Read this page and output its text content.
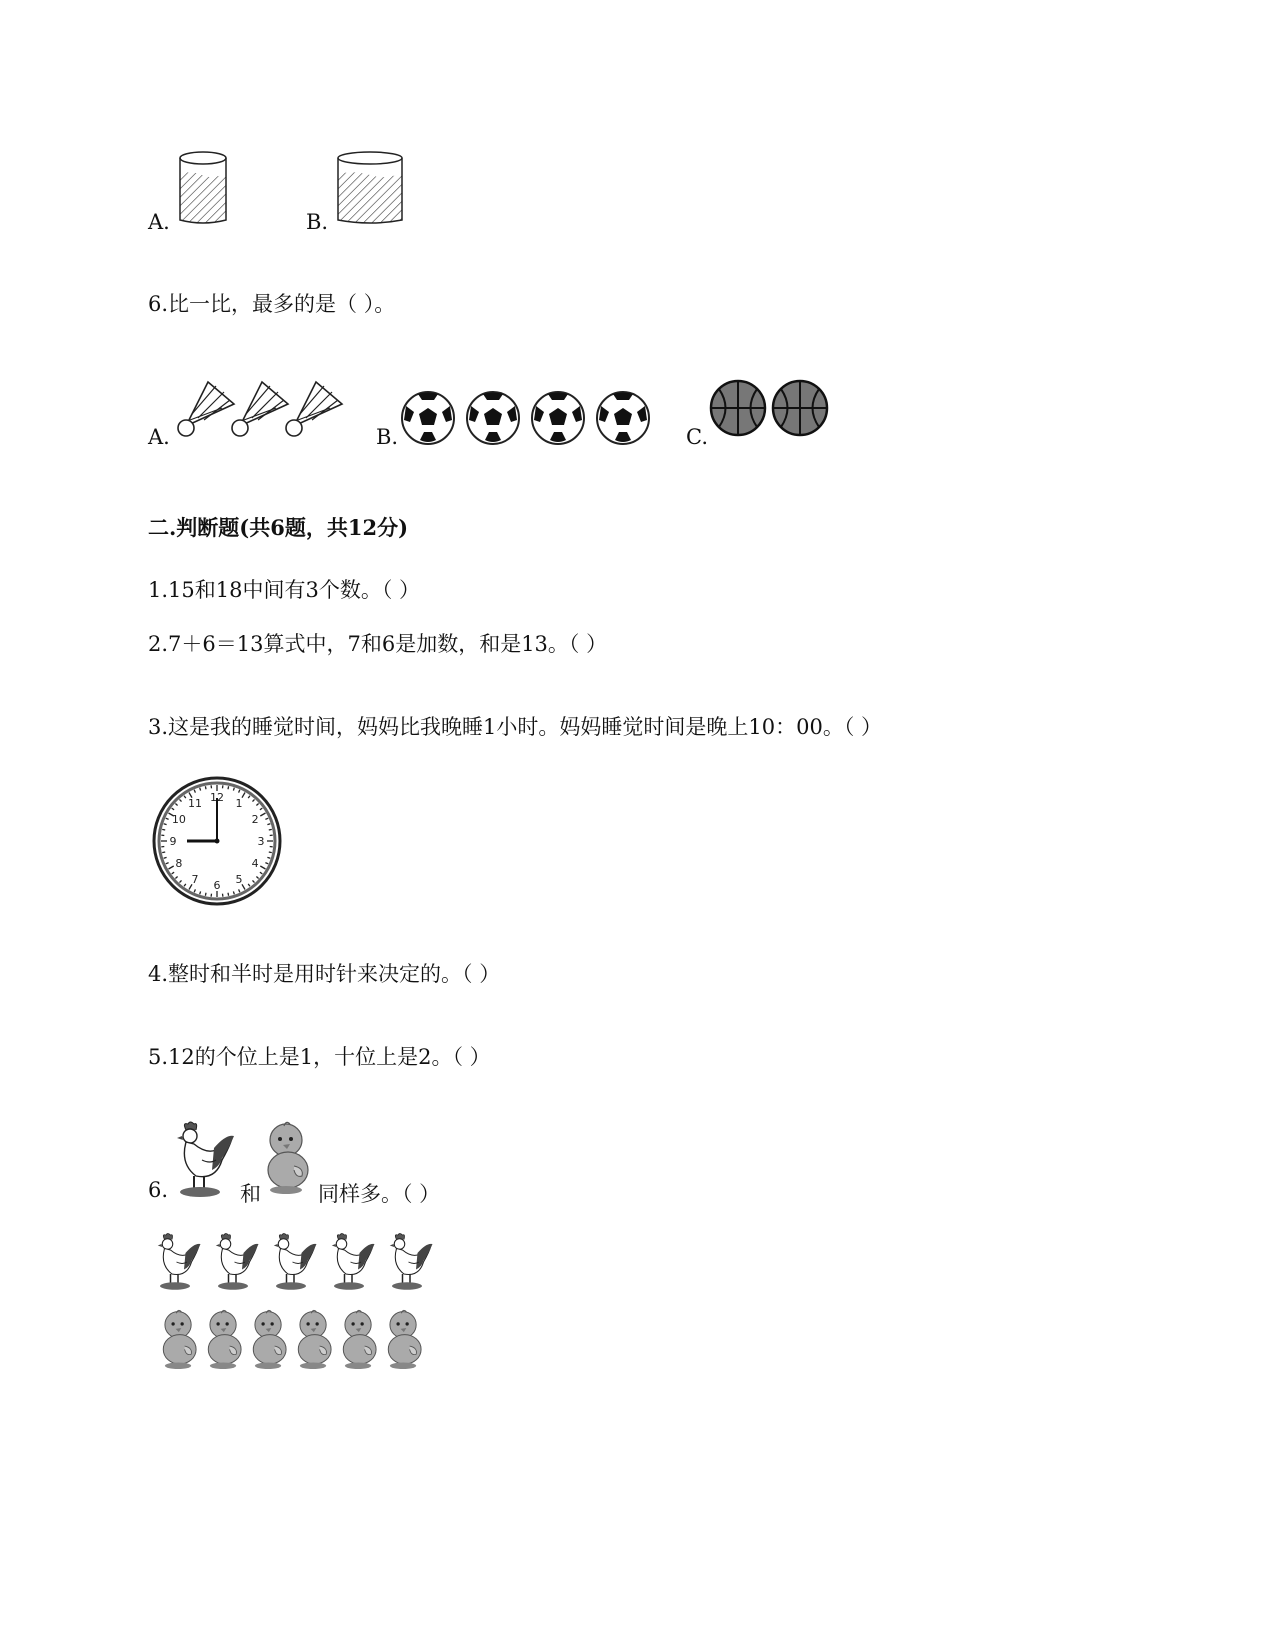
A.	B.
6.比一比，最多的是（ ）。
A.	B.	C.
二.判断题(共6题，共12分)
1.15和18中间有3个数。（ ）
2.7＋6＝13算式中，7和6是加数，和是13。（ ）
3.这是我的睡觉时间，妈妈比我晚睡1小时。妈妈睡觉时间是晚上10：00。（ ）
12 1
2
3
4
5
6
7
8
9
10
11
4.整时和半时是用时针来决定的。（ ）
5.12的个位上是1，十位上是2。（ ）
6.	和	同样多。（ ）
